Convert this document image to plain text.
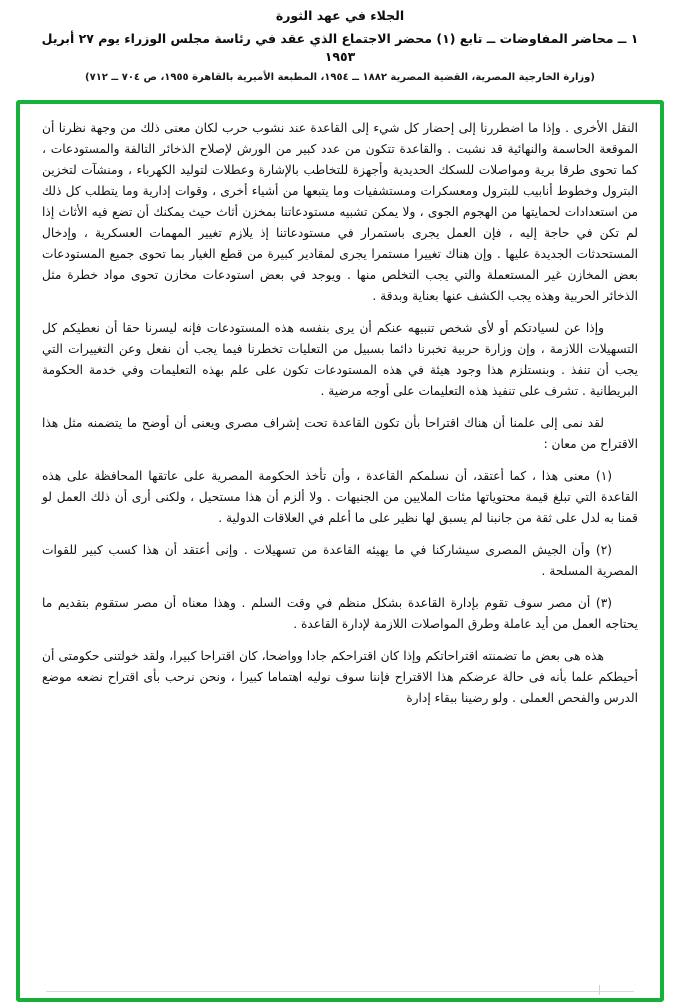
الجلاء في عهد الثورة
١ ــ محاضر المفاوضات ــ تابع (١) محضر الاجتماع الذي عقد في رئاسة مجلس الوزراء يوم ٢٧ أبريل ١٩٥٣
(وزارة الخارجية المصرية، القضية المصرية ١٨٨٢ ــ ١٩٥٤، المطبعة الأميرية بالقاهرة ١٩٥٥، ص ٧٠٤ ــ ٧١٢)

النقل الأخرى . وإذا ما اضطررنا إلى إحضار كل شيء إلى القاعدة عند نشوب حرب لكان معنى ذلك من وجهة نظرنا أن الموقعة الحاسمة والنهائية قد نشبت . والقاعدة تتكون من عدد كبير من الورش لإصلاح الذخائر التالفة والمستودعات ، كما تحوى طرقا برية ومواصلات للسكك الحديدية وأجهزة للتخاطب بالإشارة وعطلات لتوليد الكهرباء ، ومنشآت لتخزين البترول وخطوط أنابيب للبترول ومعسكرات ومستشفيات وما يتبعها من أشياء أخرى ، وقوات إدارية وما يتطلب كل ذلك من استعدادات لحمايتها من الهجوم الجوى ، ولا يمكن تشبيه مستودعاتنا بمخزن أثاث حيث يمكنك أن تضع فيه الأثاث إذا لم تكن في حاجة إليه ، فإن العمل يجرى باستمرار في مستودعاتنا إذ يلازم تغيير المهمات العسكرية ، وإدخال المستحدثات الجديدة عليها . وإن هناك تغييرا مستمرا يجرى لمقادير كبيرة من قطع الغيار بما تحوى جميع المستودعات بعض المخازن غير المستعملة والتي يجب التخلص منها . ويوجد في بعض استودعات مخازن تحوى مواد خطرة مثل الذخائر الحربية وهذه يجب الكشف عنها بعناية وبدقة .

وإذا عن لسيادتكم أو لأى شخص تنبيهه عنكم أن يرى بنفسه هذه المستودعات فإنه ليسرنا حقا أن نعطيكم كل التسهيلات اللازمة ، وإن وزارة حربية تخبرنا دائما بسبيل من التعليات تخطرنا فيما يجب أن نفعل وعن التغييرات التي يجب أن تنفذ . وبنستلزم هذا وجود هيئة في هذه المستودعات تكون على علم بهذه التعليمات وفي خدمة الحكومة البريطانية . تشرف على تنفيذ هذه التعليمات على أوجه مرضية .

لقد نمى إلى علمنا أن هناك اقتراحا بأن تكون القاعدة تحت إشراف مصرى ويعنى أن أوضح ما يتضمنه مثل هذا الاقتراح من معان :

(١) معنى هذا ، كما أعتقد، أن نسلمكم القاعدة ، وأن تأخذ الحكومة المصرية على عاتقها المحافظة على هذه القاعدة التي تبلغ قيمة محتوياتها مئات الملايين من الجنيهات . ولا ألزم أن هذا مستحيل ، ولكنى أرى أن ذلك العمل لو قمنا به لدل على ثقة من جانبنا لم يسبق لها نظير على ما أعلم في العلاقات الدولية .

(٢) وأن الجيش المصرى سيشاركنا في ما يهيئه القاعدة من تسهيلات . وإنى أعتقد أن هذا كسب كبير للقوات المصرية المسلحة .

(٣) أن مصر سوف تقوم بإدارة القاعدة بشكل منظم في وقت السلم . وهذا معناه أن مصر ستقوم بتقديم ما يحتاجه العمل من أيد عاملة وطرق المواصلات اللازمة لإدارة القاعدة .

هذه هى بعض ما تضمنته اقتراحاتكم وإذا كان اقتراحكم جادا وواضحا، كان اقتراحا كبيرا، ولقد خولتنى حكومتى أن أحيطكم علما بأنه فى حالة عرضكم هذا الاقتراح فإننا سوف نوليه اهتماما كبيرا ، ونحن نرحب بأى اقتراح نضعه موضع الدرس والفحص العملى . ولو رضينا ببقاء إدارة
